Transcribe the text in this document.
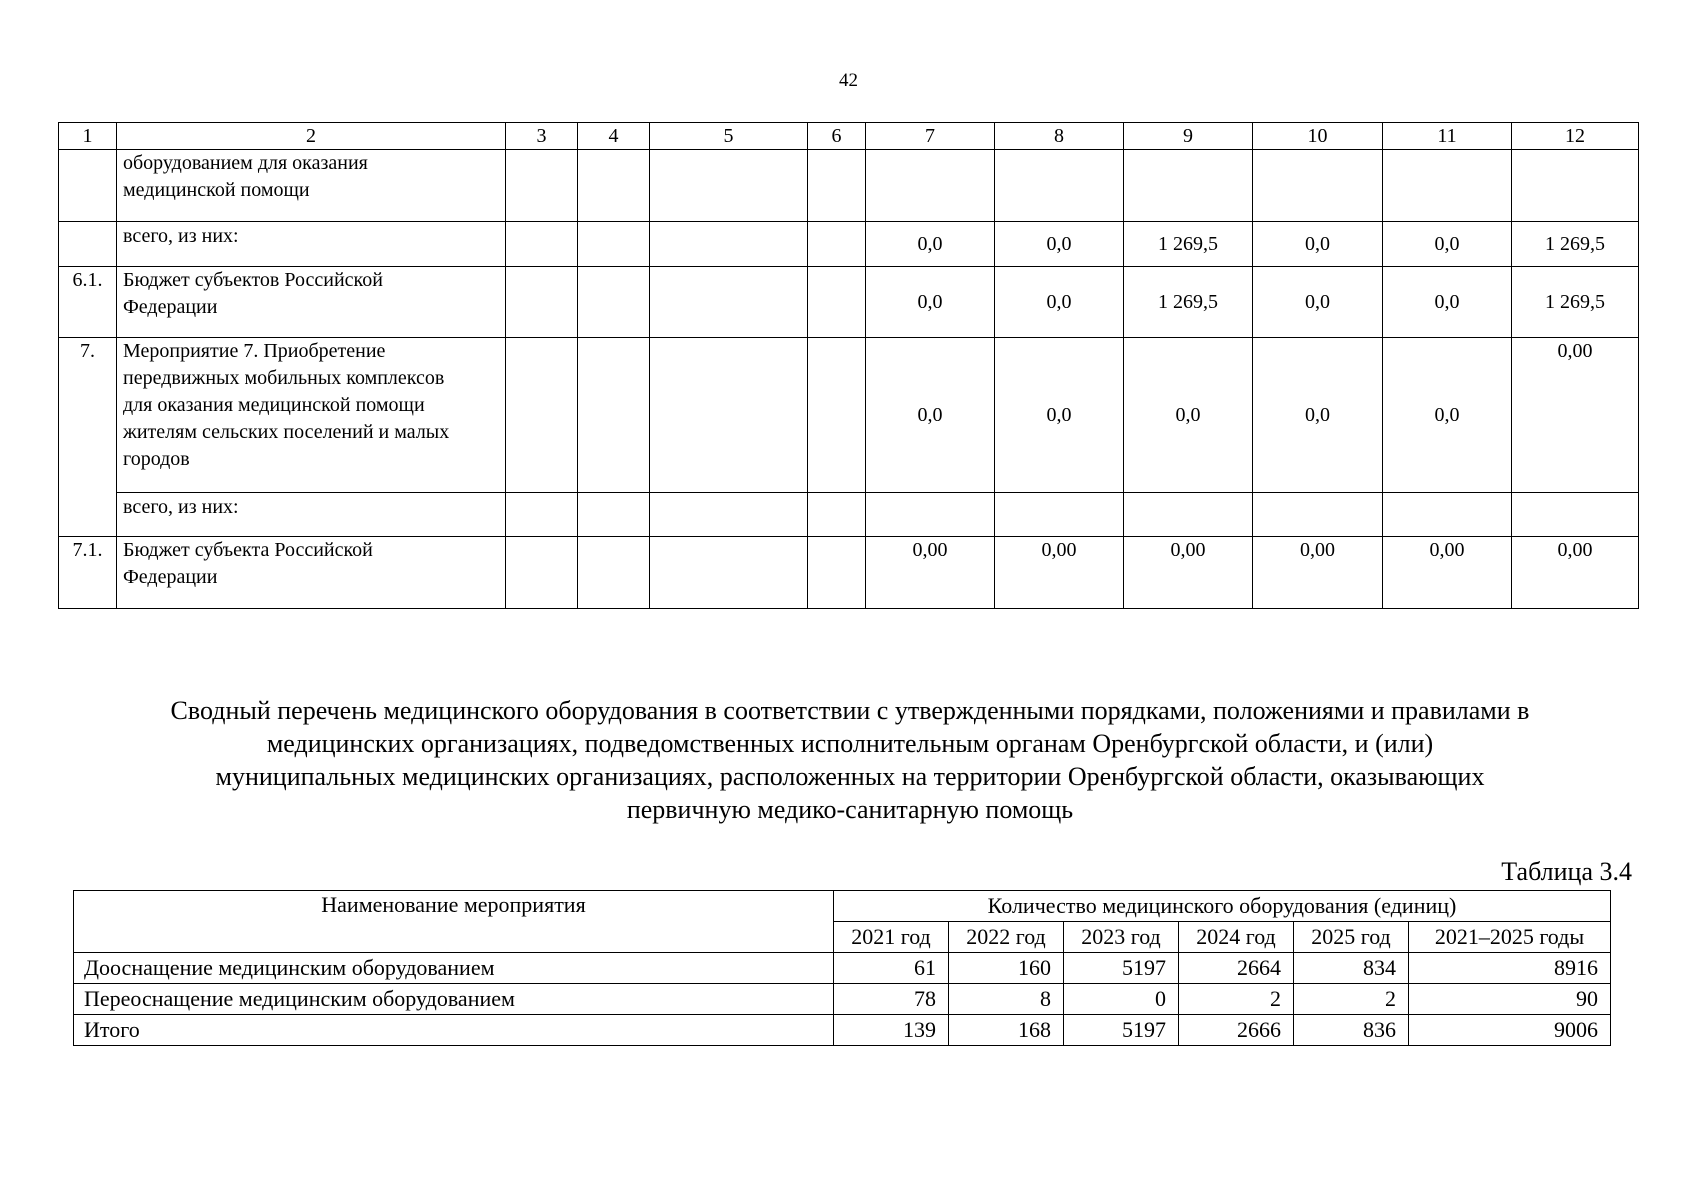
42
1	2	3	4	5	6	7	8	9	10	11	12
	оборудованием для оказания
медицинской помощи										
	всего, из них:					0,0	0,0	1 269,5	0,0	0,0	1 269,5
6.1.	Бюджет субъектов Российской
Федерации					0,0	0,0	1 269,5	0,0	0,0	1 269,5
7.	Мероприятие 7. Приобретение
передвижных мобильных комплексов
для оказания медицинской помощи
жителям сельских поселений и малых
городов					0,0	0,0	0,0	0,0	0,0	0,00
	всего, из них:										
7.1.	Бюджет субъекта Российской
Федерации					0,00	0,00	0,00	0,00	0,00	0,00
Сводный перечень медицинского оборудования в соответствии с утвержденными порядками, положениями и правилами в
медицинских организациях, подведомственных исполнительным органам Оренбургской области, и (или)
муниципальных медицинских организациях, расположенных на территории Оренбургской области, оказывающих
первичную медико-санитарную помощь
Таблица 3.4
Наименование мероприятия	Количество медицинского оборудования (единиц)					
	2021 год	2022 год	2023 год	2024 год	2025 год	2021–2025 годы
Дооснащение медицинским оборудованием	61	160	5197	2664	834	8916
Переоснащение медицинским оборудованием	78	8	0	2	2	90
Итого	139	168	5197	2666	836	9006
